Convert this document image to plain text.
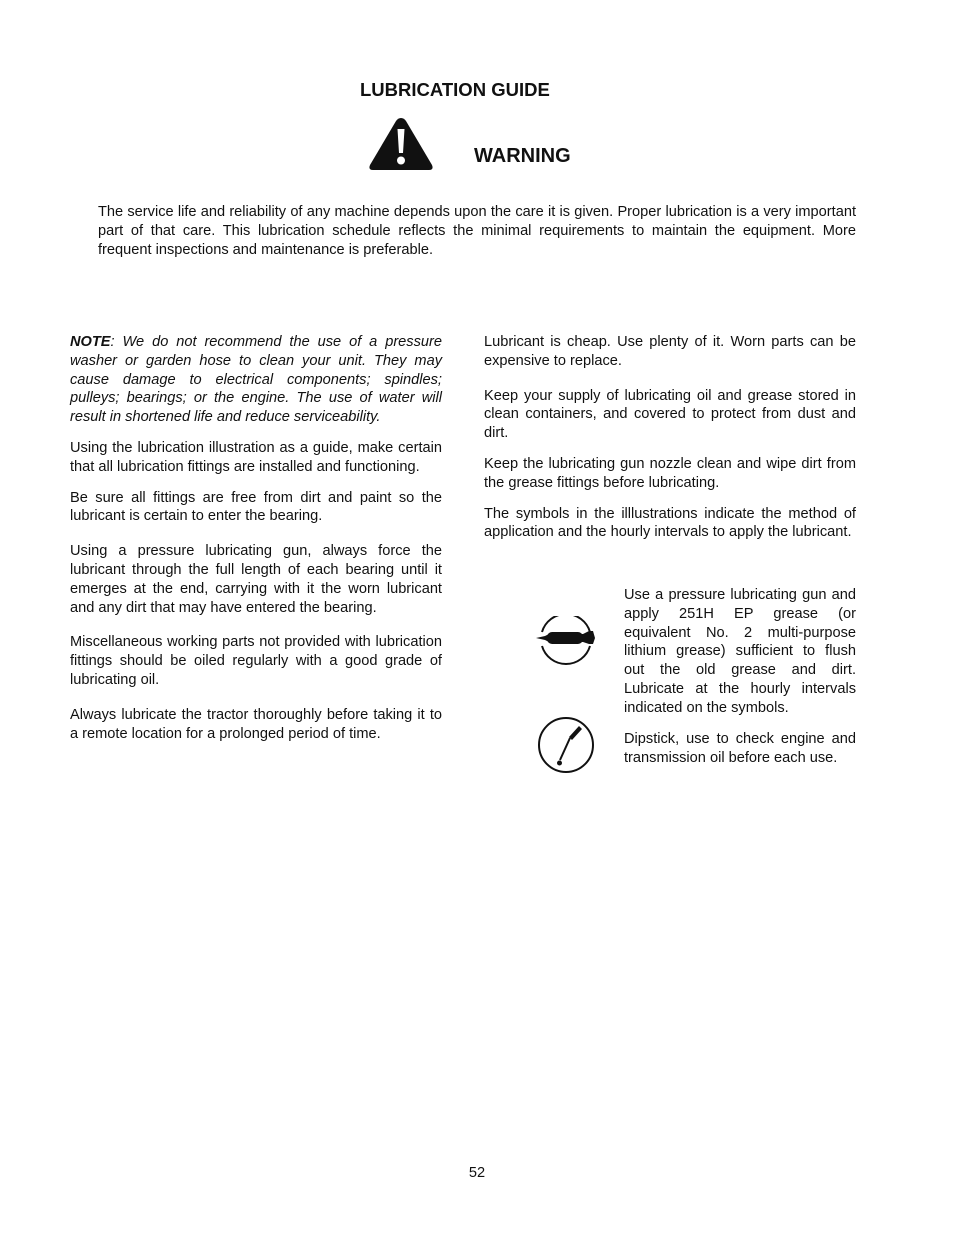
LUBRICATION GUIDE
WARNING

The service life and reliability of any machine depends upon the care it is given. Proper lubrication is a very important part of that care. This lubrication schedule reflects the minimal requirements to maintain the equipment. More frequent inspections and maintenance is preferable.

NOTE: We do not recommend the use of a pressure washer or garden hose to clean your unit. They may cause damage to electrical components; spindles; pulleys; bearings; or the engine. The use of water will result in shortened life and reduce serviceability.

Using the lubrication illustration as a guide, make certain that all lubrication fittings are installed and functioning.

Be sure all fittings are free from dirt and paint so the lubricant is certain to enter the bearing.

Using a pressure lubricating gun, always force the lubricant through the full length of each bearing until it emerges at the end, carrying with it the worn lubricant and any dirt that may have entered the bearing.

Miscellaneous working parts not provided with lubrication fittings should be oiled regularly with a good grade of lubricating oil.

Always lubricate the tractor thoroughly before taking it to a remote location for a prolonged period of time.

Lubricant is cheap. Use plenty of it. Worn parts can be expensive to replace.

Keep your supply of lubricating oil and grease stored in clean containers, and covered to protect from dust and dirt.

Keep the lubricating gun nozzle clean and wipe dirt from the grease fittings before lubricating.

The symbols in the illlustrations indicate the method of application and the hourly intervals to apply the lubricant.

Use a pressure lubricating gun and apply 251H EP grease (or equivalent No. 2 multi-purpose lithium grease) sufficient to flush out the old grease and dirt. Lubricate at the hourly intervals indicated on the symbols.

Dipstick, use to check engine and transmission oil before each use.

52
